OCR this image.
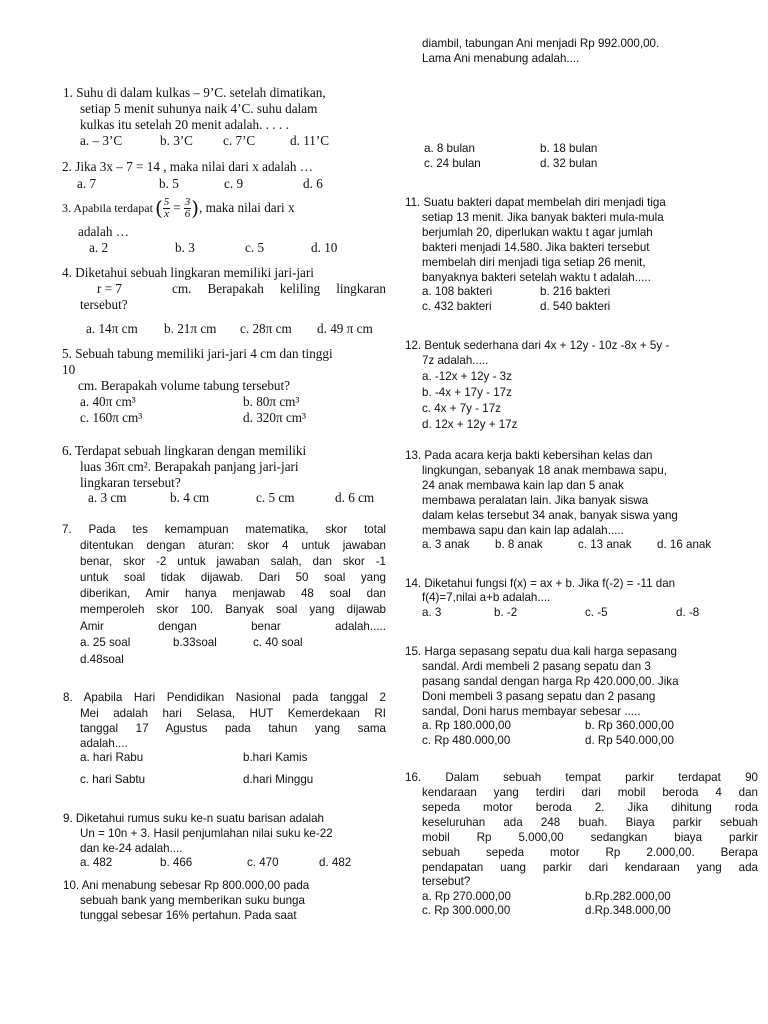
1. Suhu di dalam kulkas – 9’C. setelah dimatikan,
setiap 5 menit suhunya naik 4’C. suhu dalam
kulkas itu setelah 20 menit adalah. . . . .
a. – 3’C	b. 3’C c. 7’C	d. 11’C
2. Jika 3x – 7 = 14 , maka nilai dari x adalah …
a. 7	b. 5	c. 9	d. 6
3. Apabila terdapat ( $\frac{5}{x} = \frac{3}{6}$ ) , maka nilai dari x
adalah …
a. 2	b. 3	c. 5	d. 10
4. Diketahui sebuah lingkaran memiliki jari-jari
r = 7	cm. Berapakah keliling lingkaran
tersebut?
a. 14π cm b. 21π cm c. 28π cm d. 49 π cm
5. Sebuah tabung memiliki jari-jari 4 cm dan tinggi
10
cm. Berapakah volume tabung tersebut?
a. 40π cm³	b. 80π cm³
c. 160π cm³	d. 320π cm³
6. Terdapat sebuah lingkaran dengan memiliki
luas 36π cm². Berapakah panjang jari-jari
lingkaran tersebut?
a. 3 cm	b. 4 cm	c. 5 cm	d. 6 cm
7. Pada tes kemampuan matematika, skor total
ditentukan dengan aturan: skor 4 untuk jawaban
benar, skor -2 untuk jawaban salah, dan skor -1
untuk soal tidak dijawab. Dari 50 soal yang
diberikan, Amir hanya menjawab 48 soal dan
memperoleh skor 100. Banyak soal yang dijawab
Amir dengan benar adalah.....
a. 25 soal	b.33soal	c. 40 soal
d.48soal
8. Apabila Hari Pendidikan Nasional pada tanggal 2
Mei adalah hari Selasa, HUT Kemerdekaan RI
tanggal 17 Agustus pada tahun yang sama
adalah....
a. hari Rabu	b.hari Kamis
c. hari Sabtu	d.hari Minggu
9. Diketahui rumus suku ke-n suatu barisan adalah
Un = 10n + 3. Hasil penjumlahan nilai suku ke-22
dan ke-24 adalah....
a. 482	b. 466	c. 470	d. 482
10. Ani menabung sebesar Rp 800.000,00 pada
sebuah bank yang memberikan suku bunga
tunggal sebesar 16% pertahun. Pada saat
diambil, tabungan Ani menjadi Rp 992.000,00.
Lama Ani menabung adalah....
a. 8 bulan	b. 18 bulan
c. 24 bulan	d. 32 bulan
11. Suatu bakteri dapat membelah diri menjadi tiga
setiap 13 menit. Jika banyak bakteri mula-mula
berjumlah 20, diperlukan waktu t agar jumlah
bakteri menjadi 14.580. Jika bakteri tersebut
membelah diri menjadi tiga setiap 26 menit,
banyaknya bakteri setelah waktu t adalah.....
a. 108 bakteri	b. 216 bakteri
c. 432 bakteri	d. 540 bakteri
12. Bentuk sederhana dari 4x + 12y - 10z -8x + 5y -
7z adalah.....
a. -12x + 12y - 3z
b. -4x + 17y - 17z
c. 4x + 7y - 17z
d. 12x + 12y + 17z
13. Pada acara kerja bakti kebersihan kelas dan
lingkungan, sebanyak 18 anak membawa sapu,
24 anak membawa kain lap dan 5 anak
membawa peralatan lain. Jika banyak siswa
dalam kelas tersebut 34 anak, banyak siswa yang
membawa sapu dan kain lap adalah.....
a. 3 anak b. 8 anak	c. 13 anak d. 16 anak
14. Diketahui fungsi f(x) = ax + b. Jika f(-2) = -11 dan
f(4)=7,nilai a+b adalah....
a. 3	b. -2	c. -5	d. -8
15. Harga sepasang sepatu dua kali harga sepasang
sandal. Ardi membeli 2 pasang sepatu dan 3
pasang sandal dengan harga Rp 420.000,00. Jika
Doni membeli 3 pasang sepatu dan 2 pasang
sandal, Doni harus membayar sebesar .....
a. Rp 180.000,00	b. Rp 360.000,00
c. Rp 480.000,00	d. Rp 540.000,00
16. Dalam sebuah tempat parkir terdapat 90
kendaraan yang terdiri dari mobil beroda 4 dan
sepeda motor beroda 2. Jika dihitung roda
keseluruhan ada 248 buah. Biaya parkir sebuah
mobil Rp 5.000,00 sedangkan biaya parkir
sebuah sepeda motor Rp 2.000,00. Berapa
pendapatan uang parkir dari kendaraan yang ada
tersebut?
a. Rp 270.000,00	b.Rp.282.000,00
c. Rp 300.000,00	d.Rp.348.000,00
